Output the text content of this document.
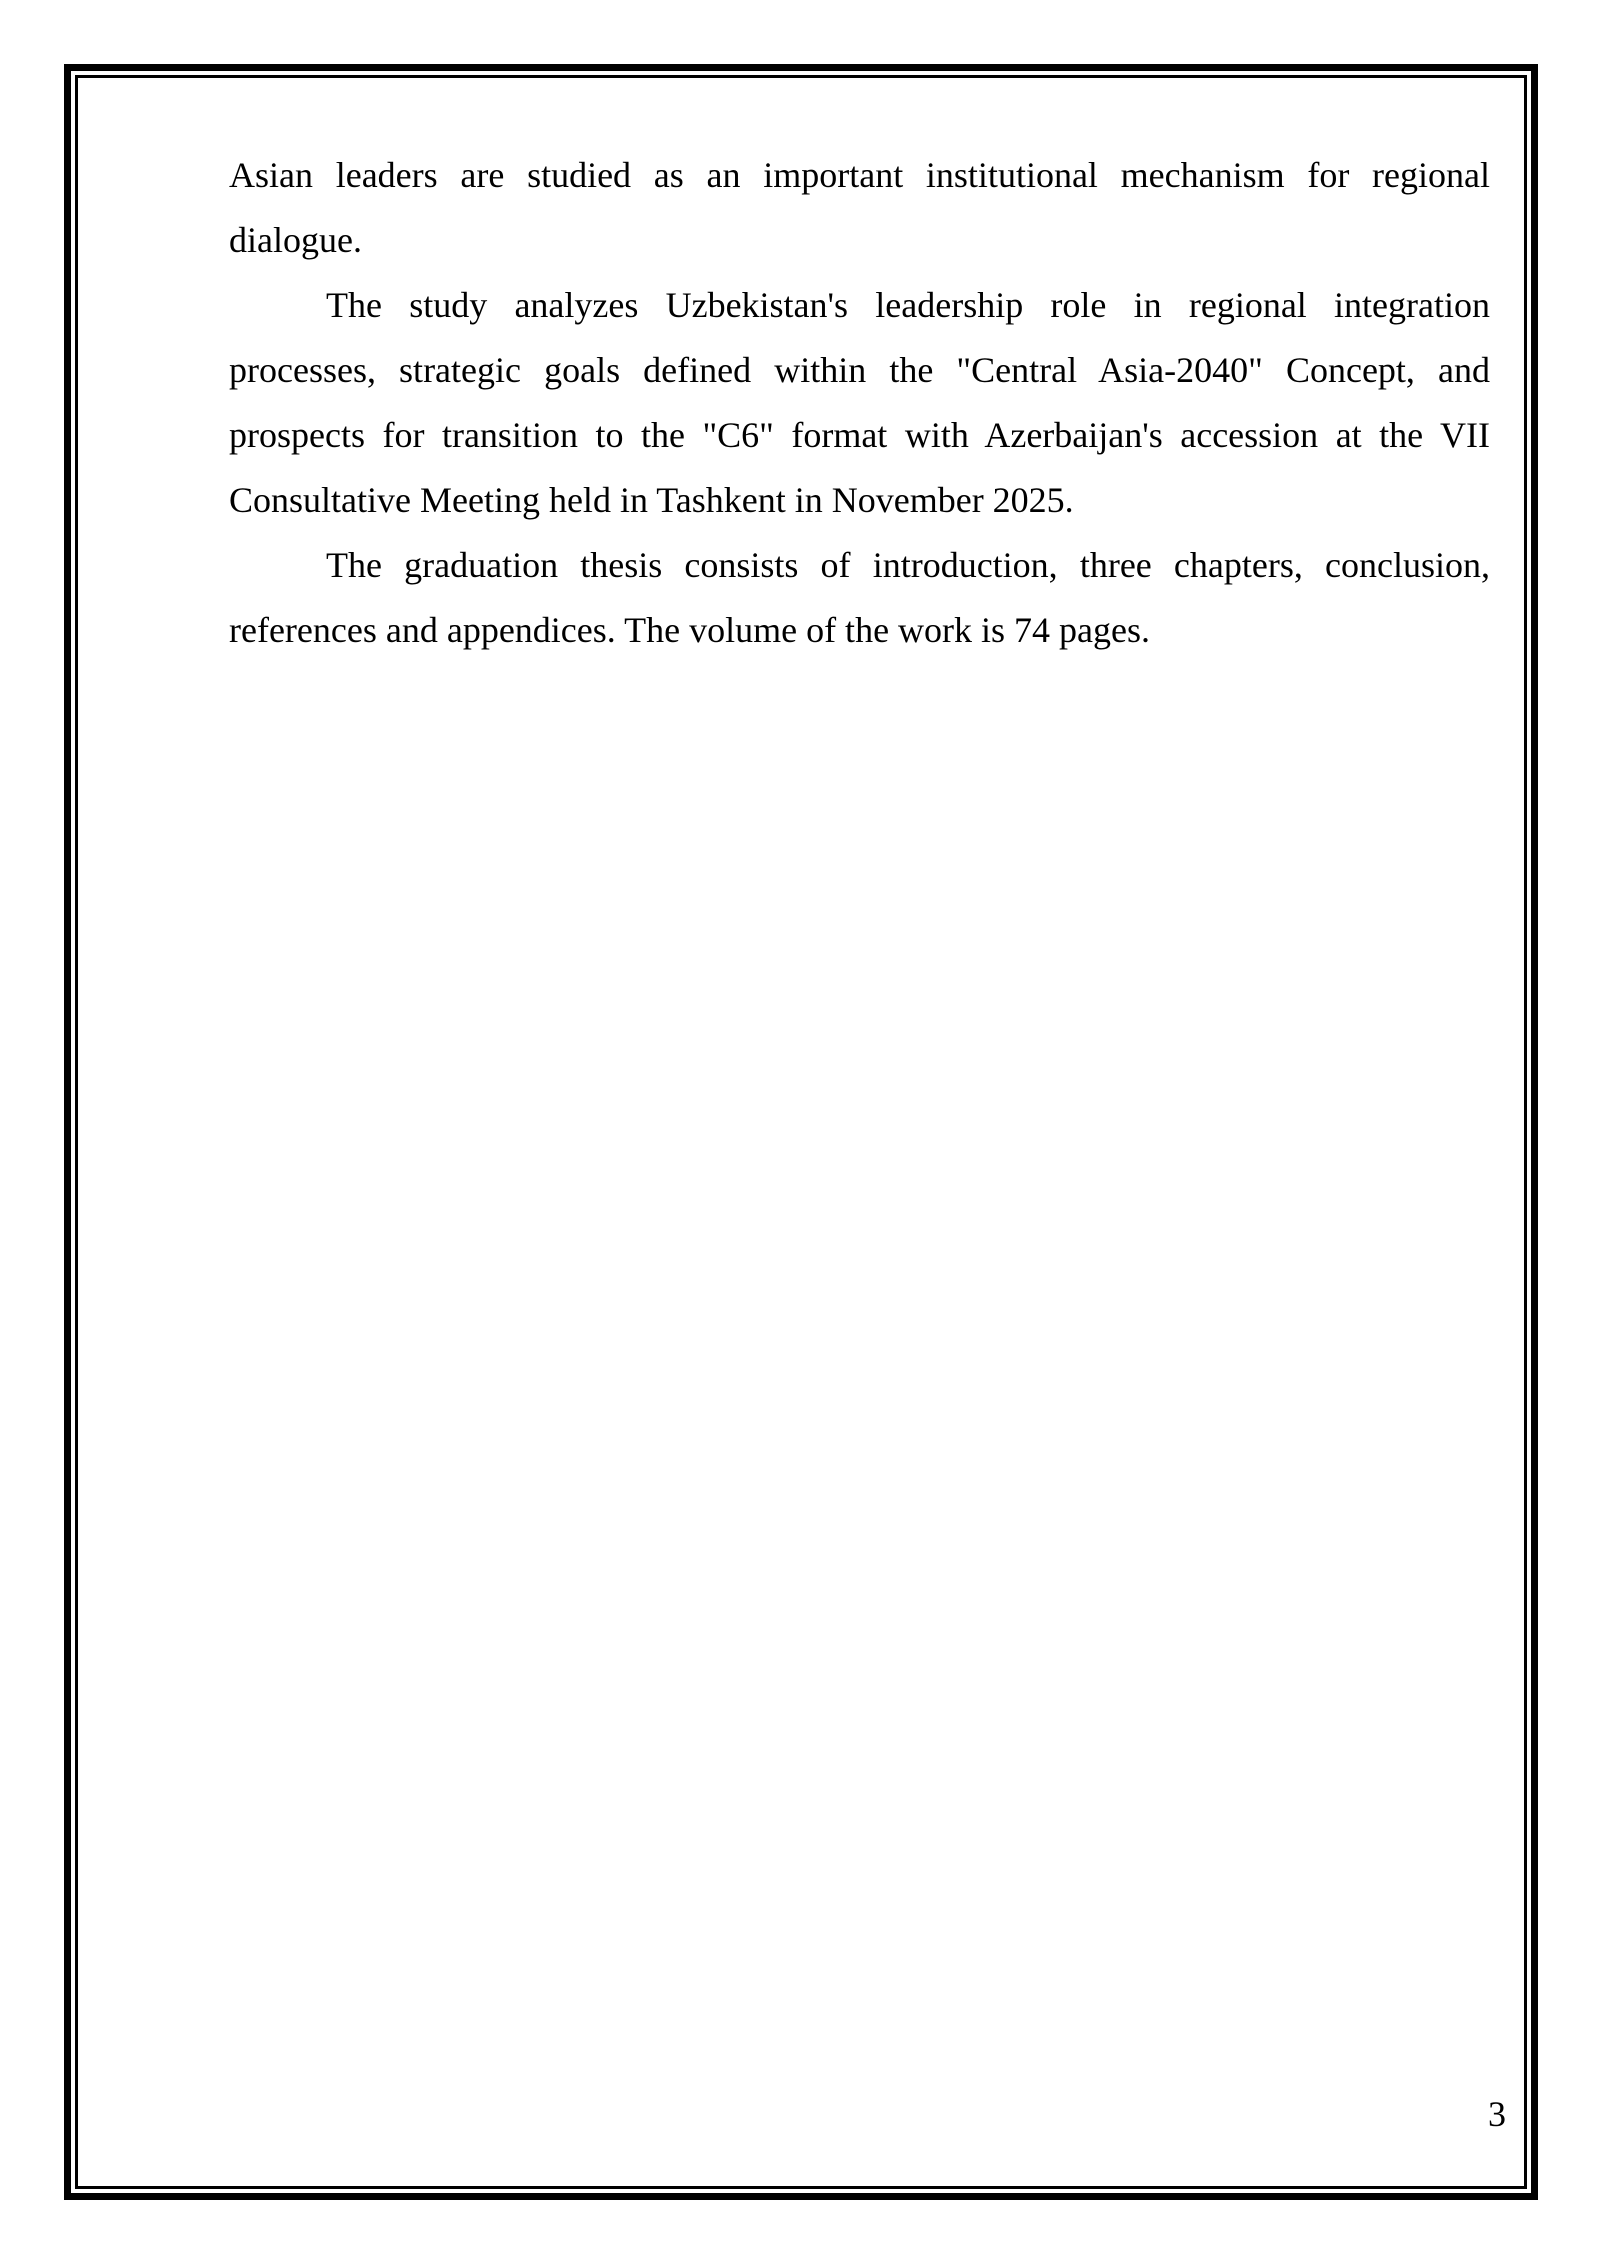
Asian leaders are studied as an important institutional mechanism for regional dialogue.

The study analyzes Uzbekistan's leadership role in regional integration processes, strategic goals defined within the "Central Asia-2040" Concept, and prospects for transition to the "C6" format with Azerbaijan's accession at the VII Consultative Meeting held in Tashkent in November 2025.

The graduation thesis consists of introduction, three chapters, conclusion, references and appendices. The volume of the work is 74 pages.

3
